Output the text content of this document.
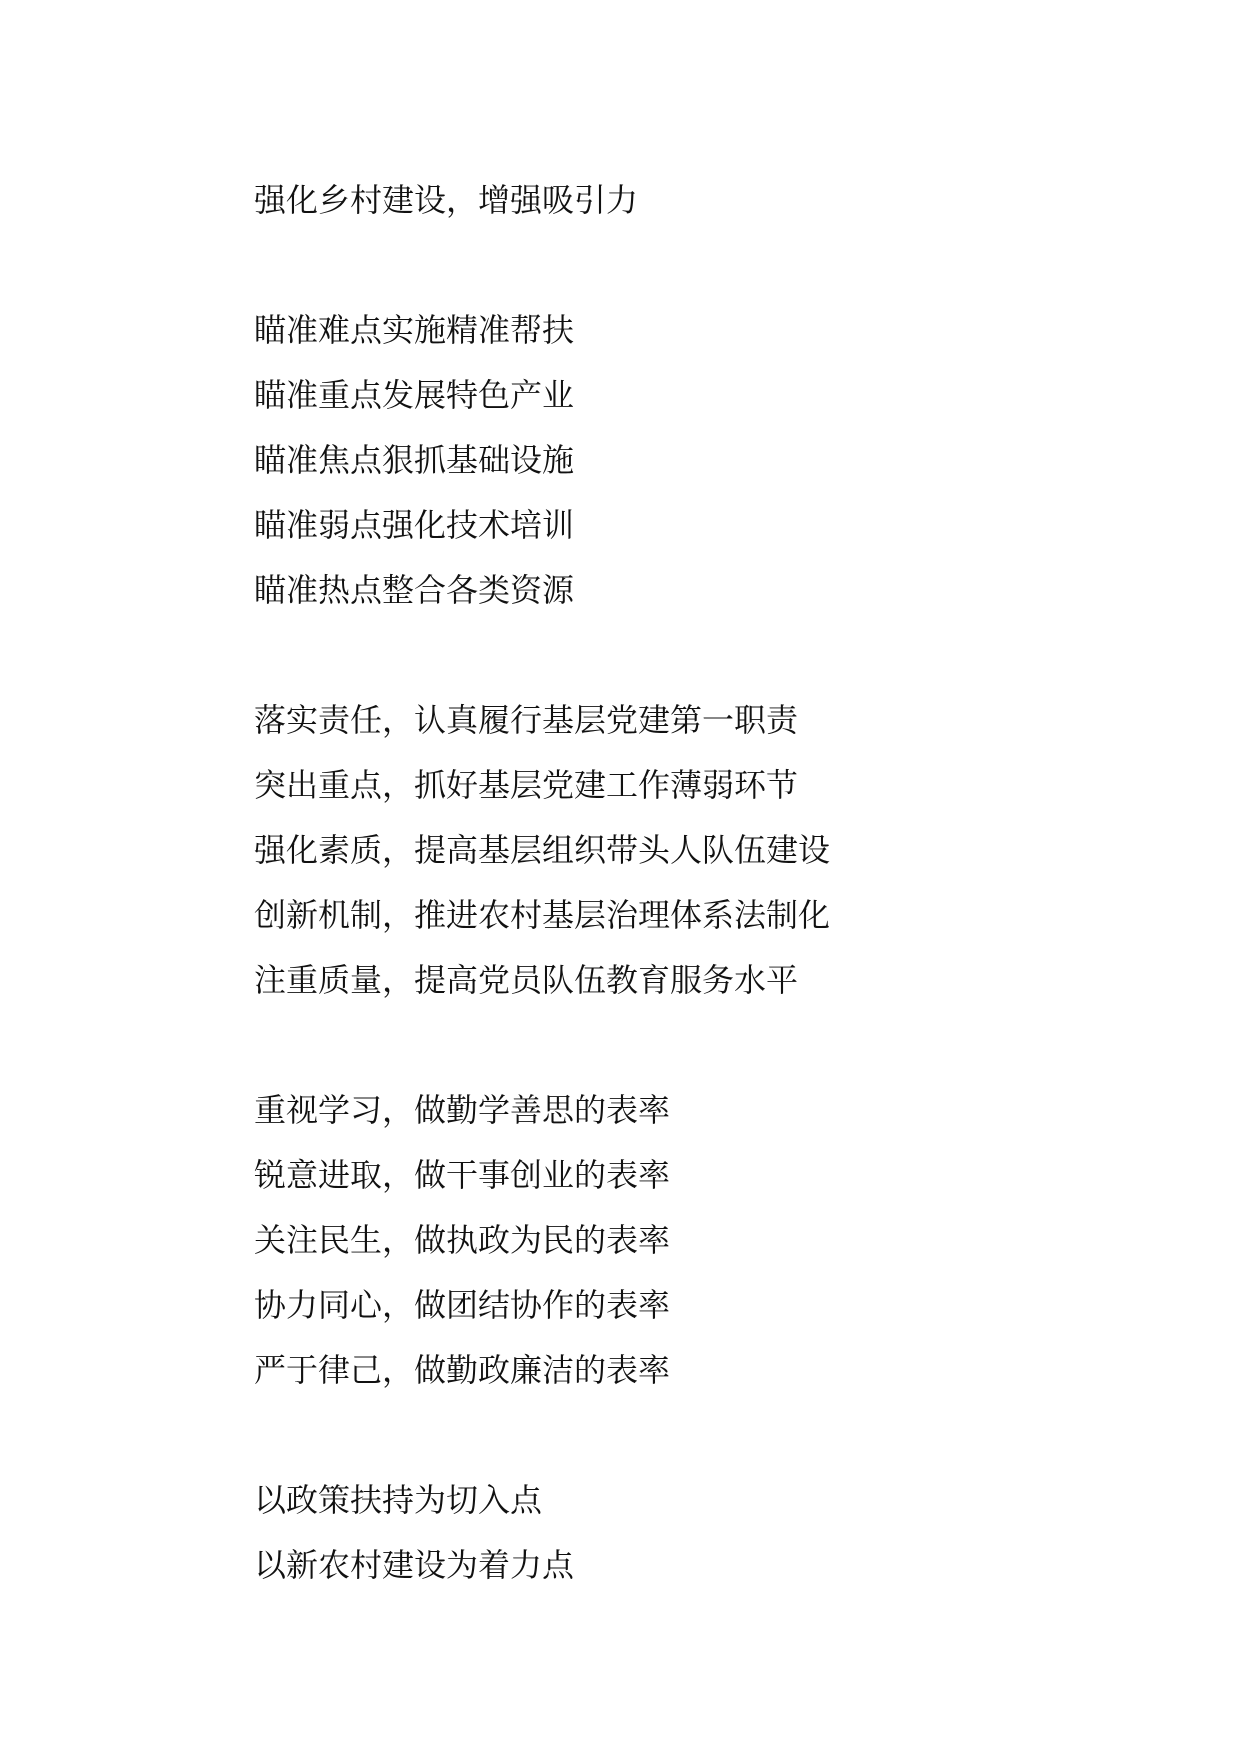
强化乡村建设，增强吸引力
瞄准难点实施精准帮扶
瞄准重点发展特色产业
瞄准焦点狠抓基础设施
瞄准弱点强化技术培训
瞄准热点整合各类资源
落实责任，认真履行基层党建第一职责
突出重点，抓好基层党建工作薄弱环节
强化素质，提高基层组织带头人队伍建设
创新机制，推进农村基层治理体系法制化
注重质量，提高党员队伍教育服务水平
重视学习，做勤学善思的表率
锐意进取，做干事创业的表率
关注民生，做执政为民的表率
协力同心，做团结协作的表率
严于律己，做勤政廉洁的表率
以政策扶持为切入点
以新农村建设为着力点
